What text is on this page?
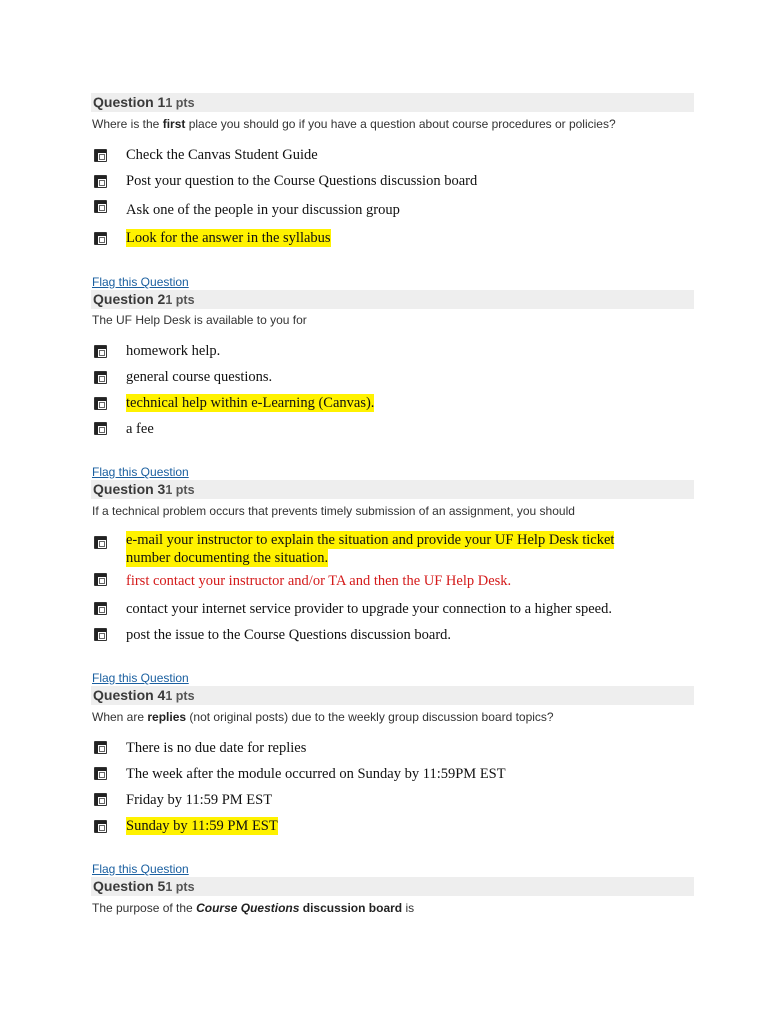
Question 11 pts
Where is the first place you should go if you have a question about course procedures or policies?
Check the Canvas Student Guide
Post your question to the Course Questions discussion board
Ask one of the people in your discussion group
Look for the answer in the syllabus
Flag this Question
Question 21 pts
The UF Help Desk is available to you for
homework help.
general course questions.
technical help within e-Learning (Canvas).
a fee
Flag this Question
Question 31 pts
If a technical problem occurs that prevents timely submission of an assignment, you should
e-mail your instructor to explain the situation and provide your UF Help Desk ticket
number documenting the situation.
first contact your instructor and/or TA and then the UF Help Desk.
contact your internet service provider to upgrade your connection to a higher speed.
post the issue to the Course Questions discussion board.
Flag this Question
Question 41 pts
When are replies (not original posts) due to the weekly group discussion board topics?
There is no due date for replies
The week after the module occurred on Sunday by 11:59PM EST
Friday by 11:59 PM EST
Sunday by 11:59 PM EST
Flag this Question
Question 51 pts
The purpose of the Course Questions discussion board is
